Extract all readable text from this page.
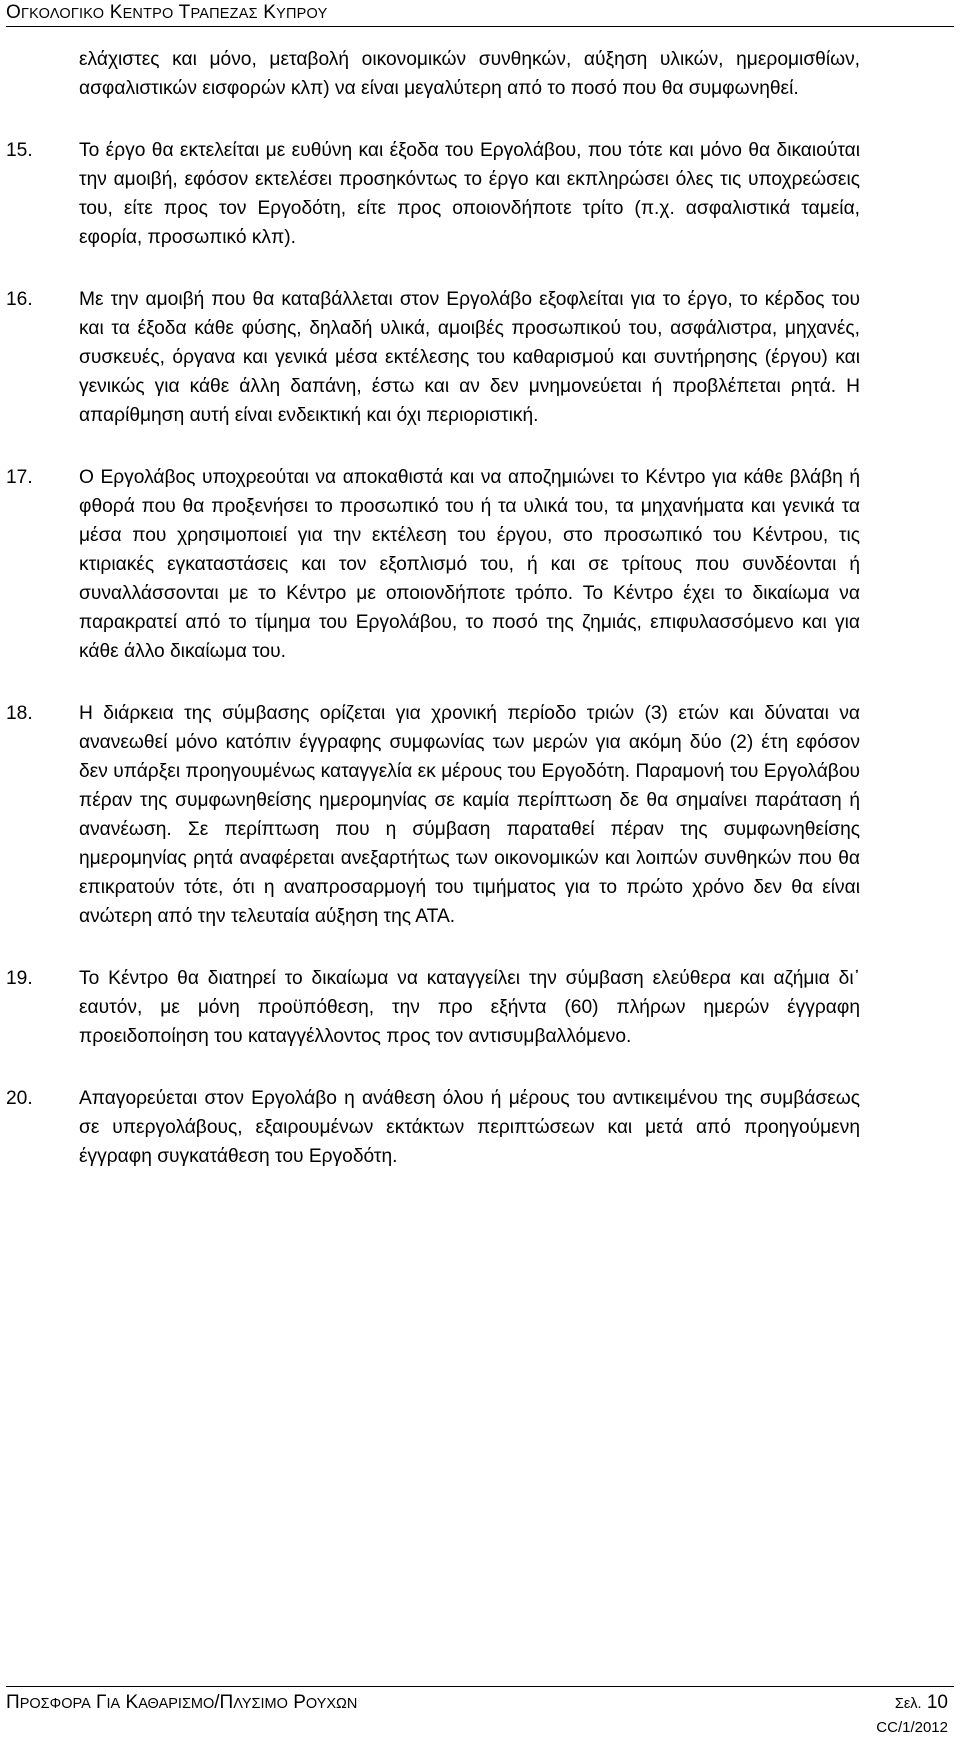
ΟΓΚΟΛΟΓΙΚΟ ΚΕΝΤΡΟ ΤΡΑΠΕΖΑΣ ΚΥΠΡΟΥ
ελάχιστες και μόνο, μεταβολή οικονομικών συνθηκών, αύξηση υλικών, ημερομισθίων, ασφαλιστικών εισφορών κλπ) να είναι μεγαλύτερη από το ποσό που θα συμφωνηθεί.
15.	Το έργο θα εκτελείται με ευθύνη και έξοδα του Εργολάβου, που τότε και μόνο θα δικαιούται την αμοιβή, εφόσον εκτελέσει προσηκόντως το έργο και εκπληρώσει όλες τις υποχρεώσεις του, είτε προς τον Εργοδότη, είτε προς οποιονδήποτε τρίτο (π.χ. ασφαλιστικά ταμεία, εφορία, προσωπικό κλπ).
16.	Με την αμοιβή που θα καταβάλλεται στον Εργολάβο εξοφλείται για το έργο, το κέρδος του και τα έξοδα κάθε φύσης, δηλαδή υλικά, αμοιβές προσωπικού του, ασφάλιστρα, μηχανές, συσκευές, όργανα και γενικά μέσα εκτέλεσης του καθαρισμού και συντήρησης (έργου) και γενικώς για κάθε άλλη δαπάνη, έστω και αν δεν μνημονεύεται ή προβλέπεται ρητά. Η απαρίθμηση αυτή είναι ενδεικτική και όχι περιοριστική.
17.	Ο Εργολάβος υποχρεούται να αποκαθιστά και να αποζημιώνει το Κέντρο για κάθε βλάβη ή φθορά που θα προξενήσει το προσωπικό του ή τα υλικά του, τα μηχανήματα και γενικά τα μέσα που χρησιμοποιεί για την εκτέλεση του έργου, στο προσωπικό του Κέντρου, τις κτιριακές εγκαταστάσεις και τον εξοπλισμό του, ή και σε τρίτους που συνδέονται ή συναλλάσσονται με το Κέντρο με οποιονδήποτε τρόπο. Το Κέντρο έχει το δικαίωμα να παρακρατεί από το τίμημα του Εργολάβου, το ποσό της ζημιάς, επιφυλασσόμενο και για κάθε άλλο δικαίωμα του.
18.	Η διάρκεια της σύμβασης ορίζεται για χρονική περίοδο τριών (3) ετών και δύναται να ανανεωθεί μόνο κατόπιν έγγραφης συμφωνίας των μερών για ακόμη δύο (2) έτη εφόσον δεν υπάρξει προηγουμένως καταγγελία εκ μέρους του Εργοδότη. Παραμονή του Εργολάβου πέραν της συμφωνηθείσης ημερομηνίας σε καμία περίπτωση δε θα σημαίνει παράταση ή ανανέωση. Σε περίπτωση που η σύμβαση παραταθεί πέραν της συμφωνηθείσης ημερομηνίας ρητά αναφέρεται ανεξαρτήτως των οικονομικών και λοιπών συνθηκών που θα επικρατούν τότε, ότι η αναπροσαρμογή του τιμήματος για το πρώτο χρόνο δεν θα είναι ανώτερη από την τελευταία αύξηση της ΑΤΑ.
19.	Το Κέντρο θα διατηρεί το δικαίωμα να καταγγείλει την σύμβαση ελεύθερα και αζήμια δι᾽ εαυτόν, με μόνη προϋπόθεση, την προ εξήντα (60) πλήρων ημερών έγγραφη προειδοποίηση του καταγγέλλοντος προς τον αντισυμβαλλόμενο.
20.	Απαγορεύεται στον Εργολάβο η ανάθεση όλου ή μέρους του αντικειμένου της συμβάσεως σε υπεργολάβους, εξαιρουμένων εκτάκτων περιπτώσεων και μετά από προηγούμενη έγγραφη συγκατάθεση του Εργοδότη.
ΠΡΟΣΦΟΡΑ ΓΙΑ ΚΑΘΑΡΙΣΜΟ/ΠΛΥΣΙΜΟ ΡΟΥΧΩΝ	Σελ. 10
CC/1/2012
